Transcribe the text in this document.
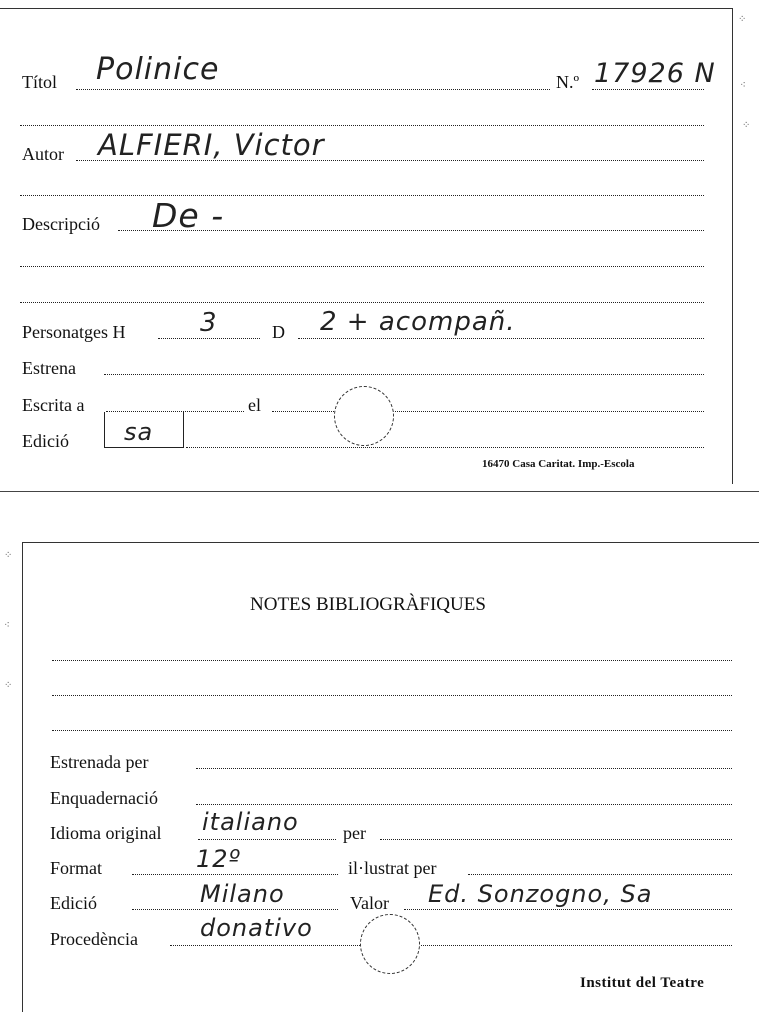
⁘
⁖
⁘
Títol Polinice	N.º 17926 N
Autor ALFIERI, Victor
Descripció De -
Personatges H	3	D 2 + acompañ.
Estrena
Escrita a	el
Edició sa
16470 Casa Caritat. Imp.-Escola
⁘
⁖
⁘
NOTES BIBLIOGRÀFIQUES
Estrenada per
Enquadernació
Idioma original italiano per
Format	12º	il·lustrat per
Edició	Milano	Valor Ed. Sonzogno, Sa
Procedència	donativo
Institut del Teatre
